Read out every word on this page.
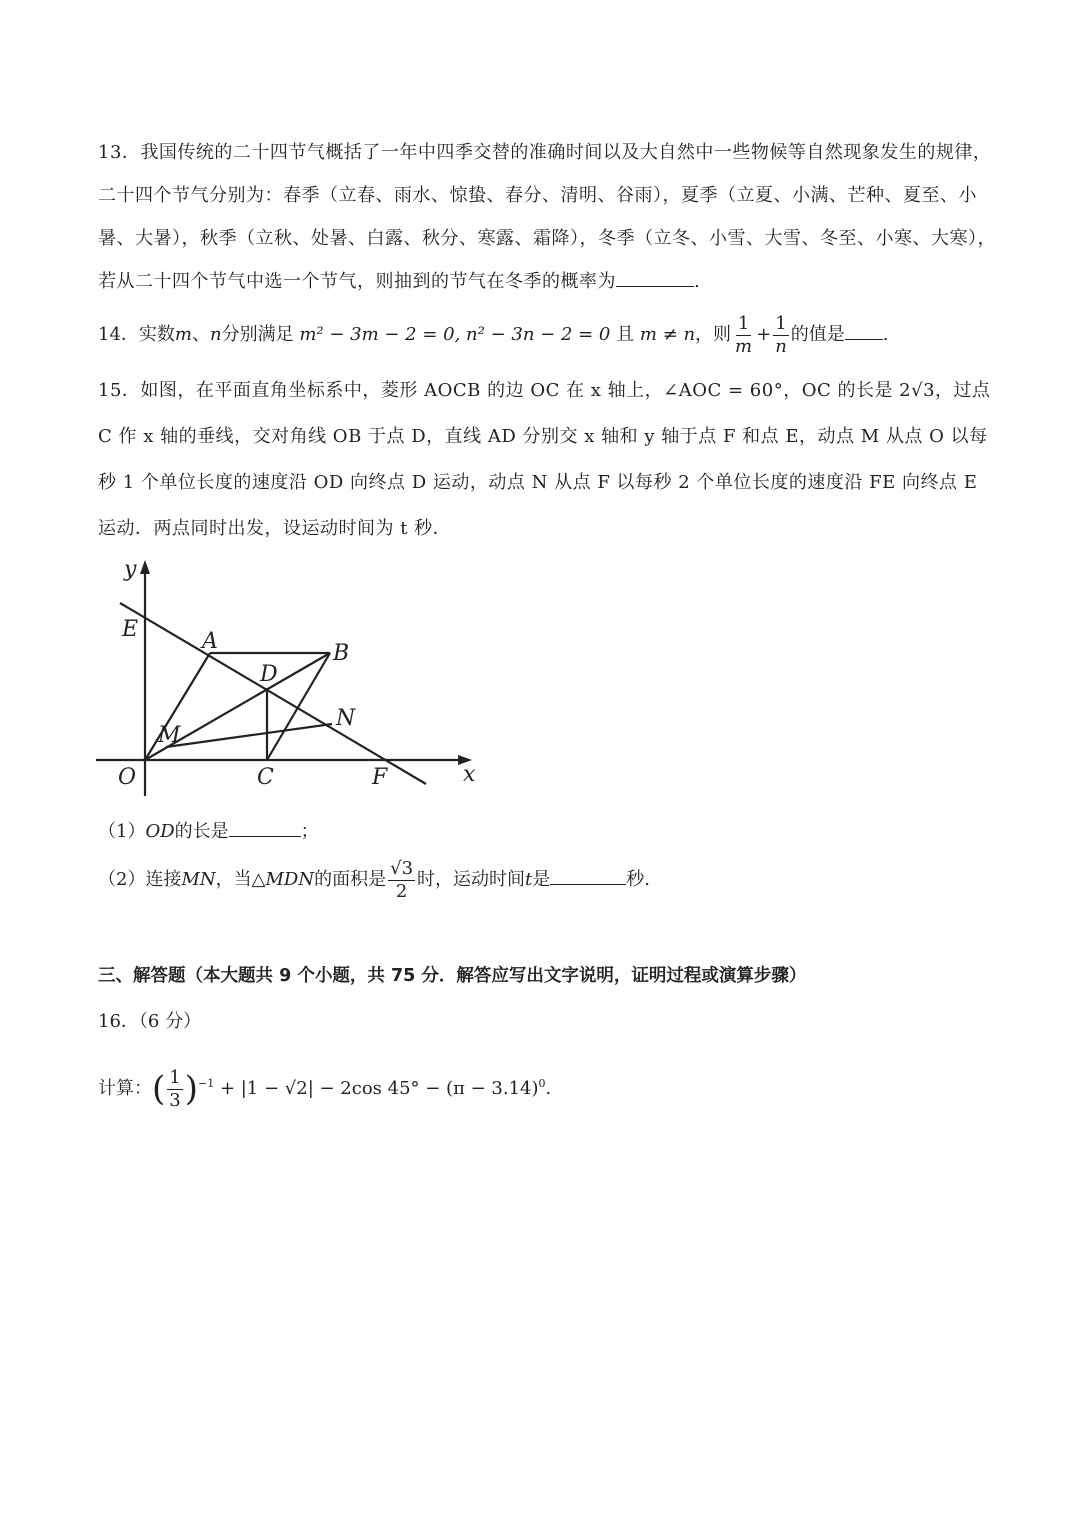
13．我国传统的二十四节气概括了一年中四季交替的准确时间以及大自然中一些物候等自然现象发生的规律，二十四个节气分别为：春季（立春、雨水、惊蛰、春分、清明、谷雨），夏季（立夏、小满、芒种、夏至、小暑、大暑），秋季（立秋、处暑、白露、秋分、寒露、霜降），冬季（立冬、小雪、大雪、冬至、小寒、大寒），若从二十四个节气中选一个节气，则抽到的节气在冬季的概率为	.
14．实数m、n分别满足 m² − 3m − 2 = 0, n² − 3n − 2 = 0 且 m ≠ n，则 $\frac{1}{m} + \frac{1}{n}$ 的值是 .
15．如图，在平面直角坐标系中，菱形 AOCB 的边 OC 在 x 轴上，∠AOC = 60°，OC 的长是 2√3，过点 C 作 x 轴的垂线，交对角线 OB 于点 D，直线 AD 分别交 x 轴和 y 轴于点 F 和点 E，动点 M 从点 O 以每秒 1 个单位长度的速度沿 OD 向终点 D 运动，动点 N 从点 F 以每秒 2 个单位长度的速度沿 FE 向终点 E 运动．两点同时出发，设运动时间为 t 秒．
y
x
E	A	B
D
N
M
O	C	F
（1）OD的长是	；
（2）连接MN，当△MDN的面积是 $\frac{√3}{2}$ 时，运动时间t是	秒.
三、解答题（本大题共 9 个小题，共 75 分．解答应写出文字说明，证明过程或演算步骤）
16．（6 分）
计算：( $\frac{1}{3} )^{-1} + |1 - √2| - 2\cos$ $45^\circ - (\pi - 3.14)^0$.
